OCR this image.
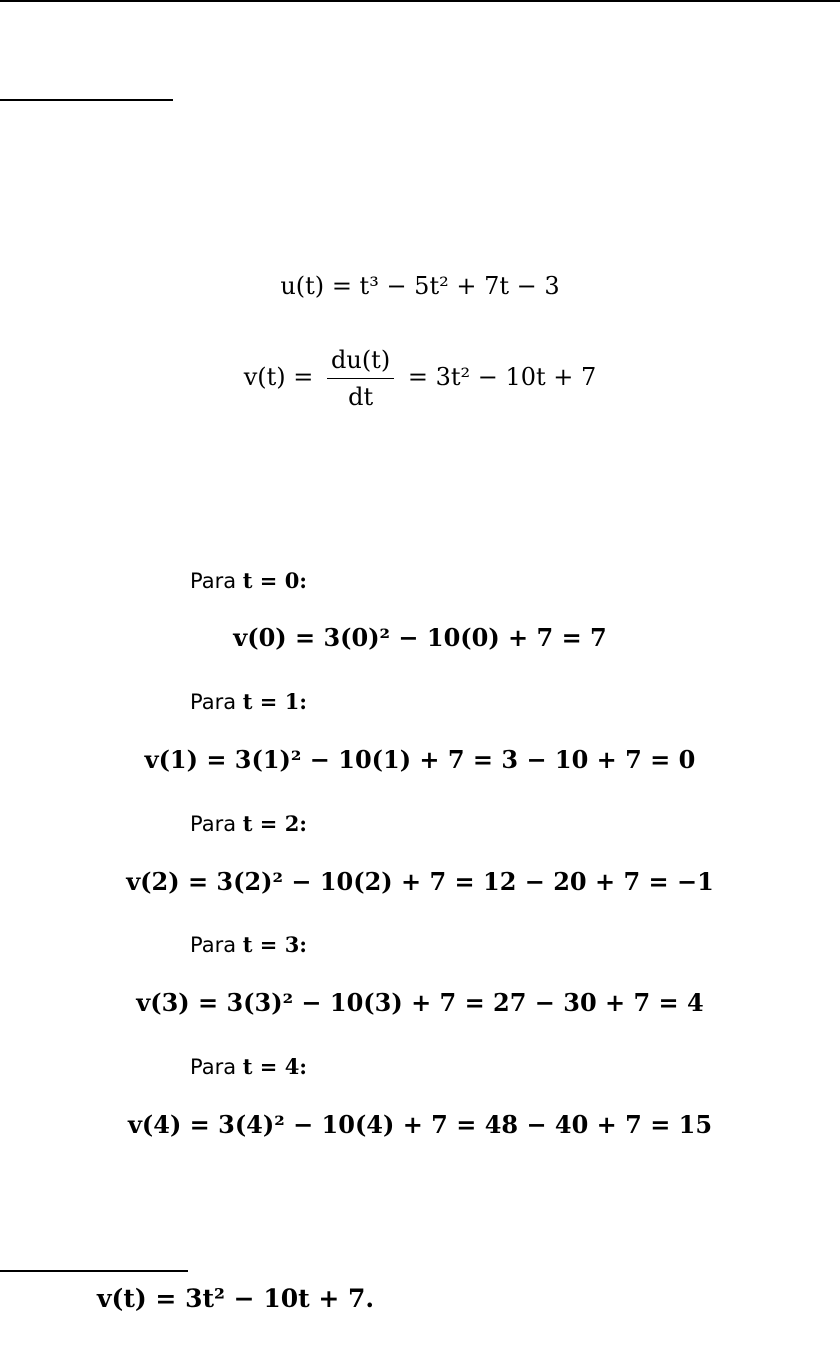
u(t) = t³ − 5t² + 7t − 3
$v(t) = \frac{du(t)}{dt} = 3t^2 - 10t + 7$
Para t = 0:
v(0) = 3(0)² − 10(0) + 7 = 7
Para t = 1:
v(1) = 3(1)² − 10(1) + 7 = 3 − 10 + 7 = 0
Para t = 2:
v(2) = 3(2)² − 10(2) + 7 = 12 − 20 + 7 = −1
Para t = 3:
v(3) = 3(3)² − 10(3) + 7 = 27 − 30 + 7 = 4
Para t = 4:
v(4) = 3(4)² − 10(4) + 7 = 48 − 40 + 7 = 15
v(t) = 3t² − 10t + 7.
